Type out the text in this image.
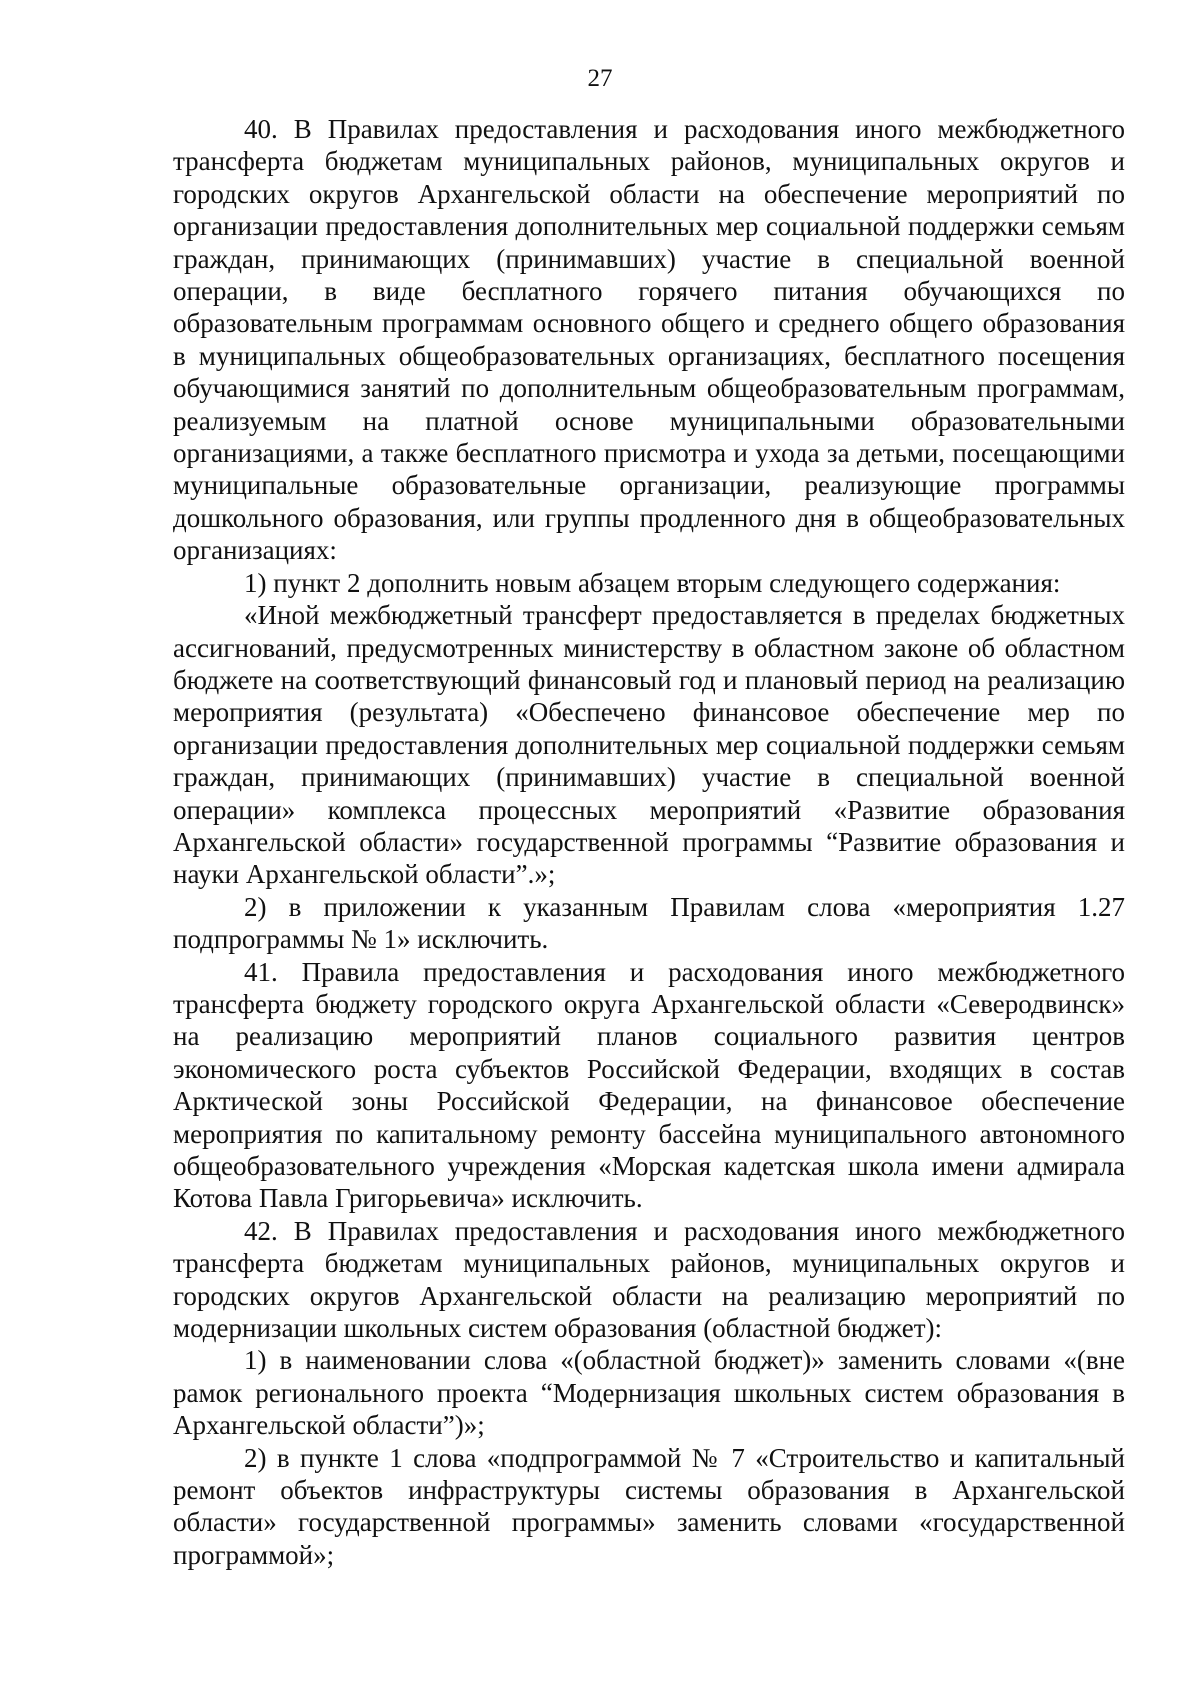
27

40. В Правилах предоставления и расходования иного межбюджетного трансферта бюджетам муниципальных районов, муниципальных округов и городских округов Архангельской области на обеспечение мероприятий по организации предоставления дополнительных мер социальной поддержки семьям граждан, принимающих (принимавших) участие в специальной военной операции, в виде бесплатного горячего питания обучающихся по образовательным программам основного общего и среднего общего образования в муниципальных общеобразовательных организациях, бесплатного посещения обучающимися занятий по дополнительным общеобразовательным программам, реализуемым на платной основе муниципальными образовательными организациями, а также бесплатного присмотра и ухода за детьми, посещающими муниципальные образовательные организации, реализующие программы дошкольного образования, или группы продленного дня в общеобразовательных организациях:

1) пункт 2 дополнить новым абзацем вторым следующего содержания:

«Иной межбюджетный трансферт предоставляется в пределах бюджетных ассигнований, предусмотренных министерству в областном законе об областном бюджете на соответствующий финансовый год и плановый период на реализацию мероприятия (результата) «Обеспечено финансовое обеспечение мер по организации предоставления дополнительных мер социальной поддержки семьям граждан, принимающих (принимавших) участие в специальной военной операции» комплекса процессных мероприятий «Развитие образования Архангельской области» государственной программы “Развитие образования и науки Архангельской области”.»;

2) в приложении к указанным Правилам слова «мероприятия 1.27 подпрограммы № 1» исключить.

41. Правила предоставления и расходования иного межбюджетного трансферта бюджету городского округа Архангельской области «Северодвинск» на реализацию мероприятий планов социального развития центров экономического роста субъектов Российской Федерации, входящих в состав Арктической зоны Российской Федерации, на финансовое обеспечение мероприятия по капитальному ремонту бассейна муниципального автономного общеобразовательного учреждения «Морская кадетская школа имени адмирала Котова Павла Григорьевича» исключить.

42. В Правилах предоставления и расходования иного межбюджетного трансферта бюджетам муниципальных районов, муниципальных округов и городских округов Архангельской области на реализацию мероприятий по модернизации школьных систем образования (областной бюджет):

1) в наименовании слова «(областной бюджет)» заменить словами «(вне рамок регионального проекта “Модернизация школьных систем образования в Архангельской области”)»;

2) в пункте 1 слова «подпрограммой № 7 «Строительство и капитальный ремонт объектов инфраструктуры системы образования в Архангельской области» государственной программы» заменить словами «государственной программой»;
